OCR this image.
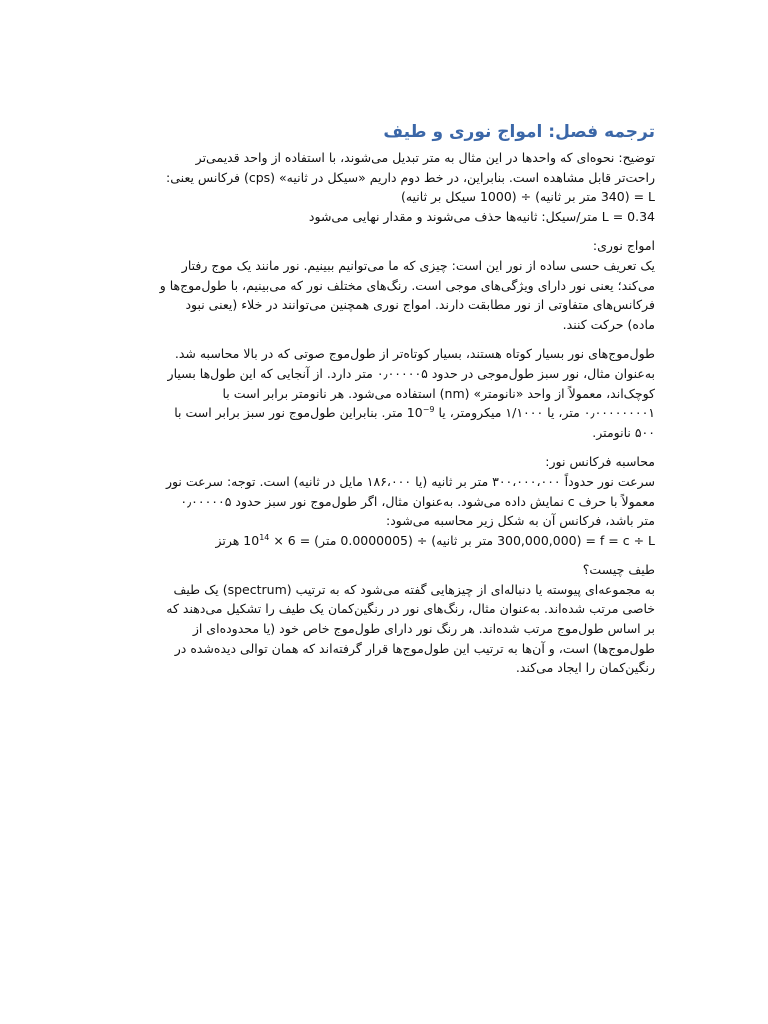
ترجمه فصل: امواج نوری و طیف

توضیح: نحوه‌ای که واحدها در این مثال به متر تبدیل می‌شوند، با استفاده از واحد قدیمی‌تر

راحت‌تر قابل مشاهده است. بنابراین، در خط دوم داریم «سیکل در ثانیه» (cps) فرکانس یعنی:

L = (340 متر بر ثانیه) ÷ (1000 سیکل بر ثانیه)

L = 0.34 متر/سیکل: ثانیه‌ها حذف می‌شوند و مقدار نهایی می‌شود

امواج نوری:

یک تعریف حسی ساده از نور این است: چیزی که ما می‌توانیم ببینیم. نور مانند یک موج رفتار

می‌کند؛ یعنی نور دارای ویژگی‌های موجی است. رنگ‌های مختلف نور که می‌بینیم، با طول‌موج‌ها و

فرکانس‌های متفاوتی از نور مطابقت دارند. امواج نوری همچنین می‌توانند در خلاء (یعنی نبود

ماده) حرکت کنند.

طول‌موج‌های نور بسیار کوتاه هستند، بسیار کوتاه‌تر از طول‌موج صوتی که در بالا محاسبه شد.

به‌عنوان مثال، نور سبز طول‌موجی در حدود ۰٫۰۰۰۰۰۵ متر دارد. از آنجایی که این طول‌ها بسیار

کوچک‌اند، معمولاً از واحد «نانومتر» (nm) استفاده می‌شود. هر نانومتر برابر است با

۰٫۰۰۰۰۰۰۰۰۱ متر، یا ۱/۱۰۰۰ میکرومتر، یا $10^{-9}$ متر. بنابراین طول‌موج نور سبز برابر است با

۵۰۰ نانومتر.

محاسبه فرکانس نور:

سرعت نور حدوداً ۳۰۰،۰۰۰،۰۰۰ متر بر ثانیه (یا ۱۸۶،۰۰۰ مایل در ثانیه) است. توجه: سرعت نور

معمولاً با حرف c نمایش داده می‌شود. به‌عنوان مثال، اگر طول‌موج نور سبز حدود ۰٫۰۰۰۰۰۵

متر باشد، فرکانس آن به شکل زیر محاسبه می‌شود:

f = c ÷ L = (300,000,000 متر بر ثانیه) ÷ (0.0000005 متر) = $6 \times 10^{14}$ هرتز

طیف چیست؟

به مجموعه‌ای پیوسته یا دنباله‌ای از چیزهایی گفته می‌شود که به ترتیب (spectrum) یک طیف

خاصی مرتب شده‌اند. به‌عنوان مثال، رنگ‌های نور در رنگین‌کمان یک طیف را تشکیل می‌دهند که

بر اساس طول‌موج مرتب شده‌اند. هر رنگ نور دارای طول‌موج خاص خود (یا محدوده‌ای از

طول‌موج‌ها) است، و آن‌ها به ترتیب این طول‌موج‌ها قرار گرفته‌اند که همان توالی دیده‌شده در

رنگین‌کمان را ایجاد می‌کند.
